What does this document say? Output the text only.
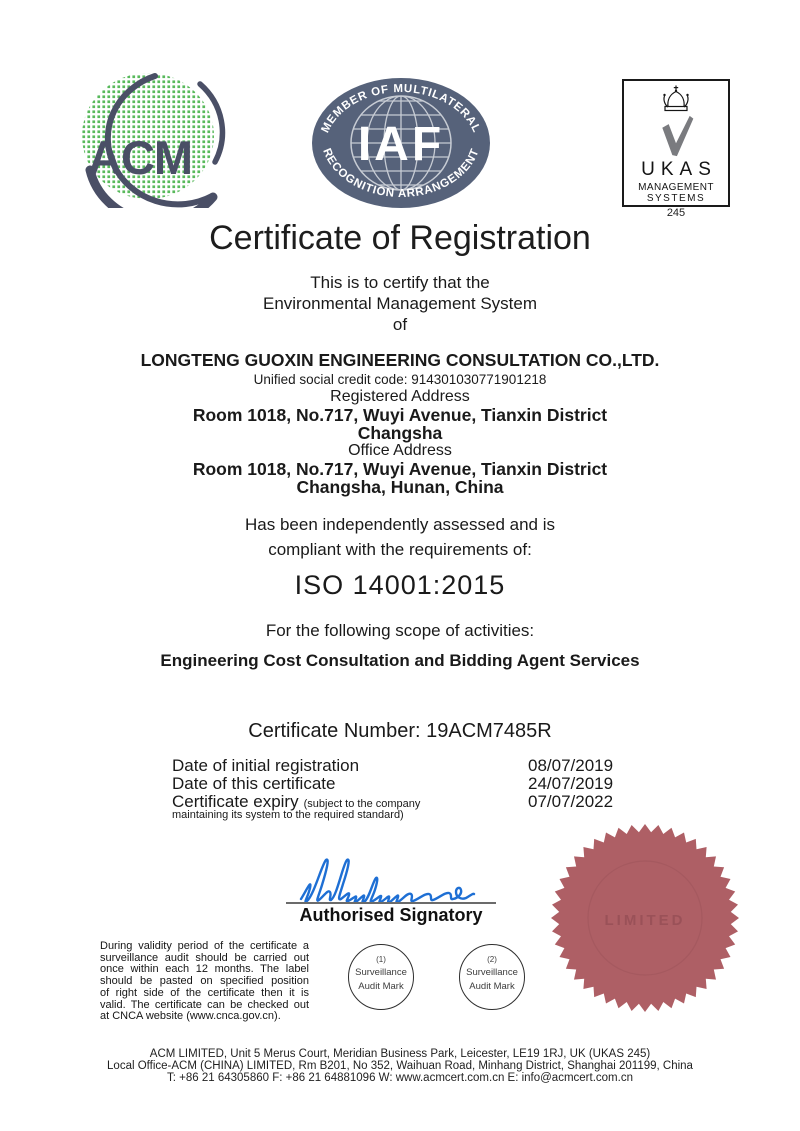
ACM	IAF
MEMBER OF MULTILATERAL
RECOGNITION ARRANGEMENT
UKAS
MANAGEMENT
SYSTEMS
245
Certificate of Registration
This is to certify that the
Environmental Management System
of
LONGTENG GUOXIN ENGINEERING CONSULTATION CO.,LTD.
Unified social credit code: 914301030771901218
Registered Address
Room 1018, No.717, Wuyi Avenue, Tianxin District
Changsha
Office Address
Room 1018, No.717, Wuyi Avenue, Tianxin District
Changsha, Hunan, China
Has been independently assessed and is
compliant with the requirements of:
ISO 14001:2015
For the following scope of activities:
Engineering Cost Consultation and Bidding Agent Services
Certificate Number: 19ACM7485R
Date of initial registration	08/07/2019
Date of this certificate	24/07/2019
Certificate expiry (subject to the company	07/07/2022
maintaining its system to the required standard)
Authorised Signatory
During validity period of the certificate a
surveillance audit should be carried out
once within each 12 months. The label
should be pasted on specified position
of right side of the certificate then it is
valid. The certificate can be checked out
at CNCA website (www.cnca.gov.cn).
(1)
Surveillance
Audit Mark
(2)
Surveillance
Audit Mark
LIMITED
ACM LIMITED, Unit 5 Merus Court, Meridian Business Park, Leicester, LE19 1RJ, UK (UKAS 245)
Local Office-ACM (CHINA) LIMITED, Rm B201, No 352, Waihuan Road, Minhang District, Shanghai 201199, China
T: +86 21 64305860 F: +86 21 64881096 W: www.acmcert.com.cn E: info@acmcert.com.cn
